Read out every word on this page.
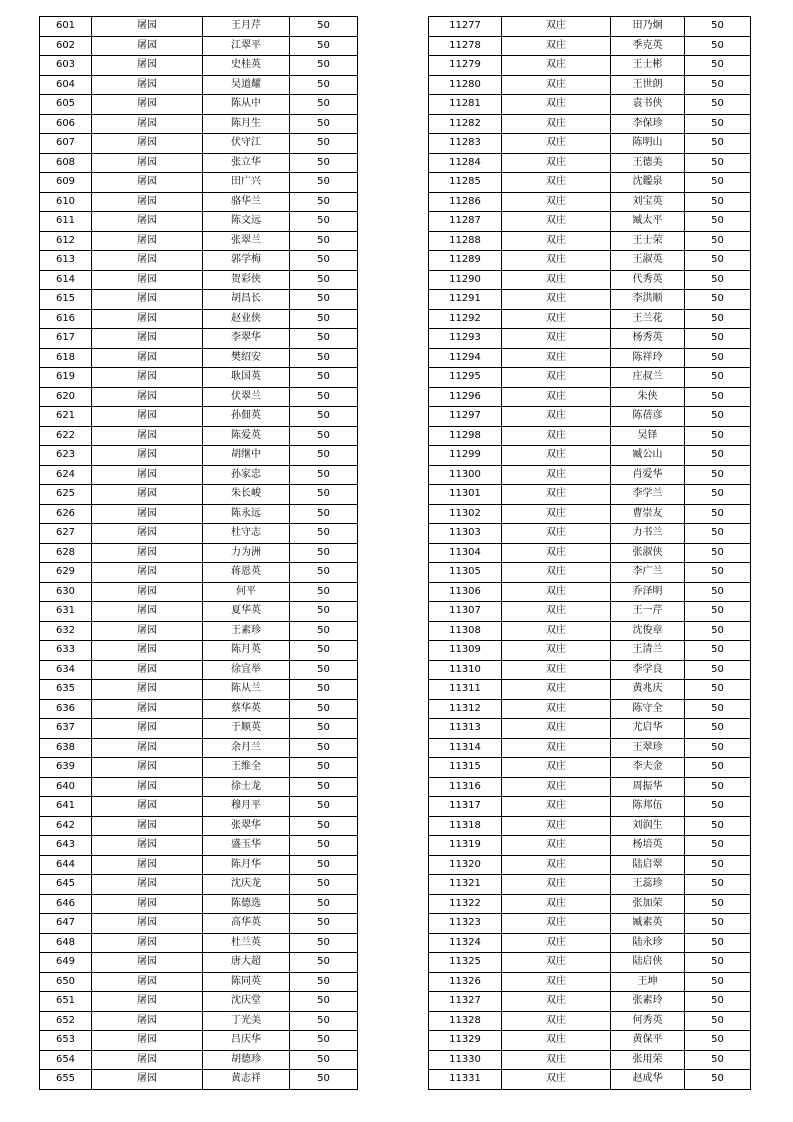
601	屠园	王月芹	50
602	屠园	江翠平	50
603	屠园	史桂英	50
604	屠园	吴道耀	50
605	屠园	陈从中	50
606	屠园	陈月生	50
607	屠园	伏守江	50
608	屠园	张立华	50
609	屠园	田广兴	50
610	屠园	骆华兰	50
611	屠园	陈文远	50
612	屠园	张翠兰	50
613	屠园	郭学梅	50
614	屠园	贺彩侠	50
615	屠园	胡昌长	50
616	屠园	赵业侠	50
617	屠园	李翠华	50
618	屠园	樊绍安	50
619	屠园	耿国英	50
620	屠园	伏翠兰	50
621	屠园	孙佃英	50
622	屠园	陈爱英	50
623	屠园	胡继中	50
624	屠园	孙家忠	50
625	屠园	朱长峻	50
626	屠园	陈永远	50
627	屠园	杜守志	50
628	屠园	力为洲	50
629	屠园	蒋恩英	50
630	屠园	何平	50
631	屠园	夏华英	50
632	屠园	王素珍	50
633	屠园	陈月英	50
634	屠园	徐宜举	50
635	屠园	陈从兰	50
636	屠园	蔡华英	50
637	屠园	于顺英	50
638	屠园	余月兰	50
639	屠园	王维全	50
640	屠园	徐士龙	50
641	屠园	穆月平	50
642	屠园	张翠华	50
643	屠园	盛玉华	50
644	屠园	陈月华	50
645	屠园	沈庆龙	50
646	屠园	陈德选	50
647	屠园	高华英	50
648	屠园	杜兰英	50
649	屠园	唐大超	50
650	屠园	陈同英	50
651	屠园	沈庆堂	50
652	屠园	丁光美	50
653	屠园	吕庆华	50
654	屠园	胡德珍	50
655	屠园	黄志祥	50
11277	双庄	田乃炯	50
11278	双庄	季克英	50
11279	双庄	王士彬	50
11280	双庄	王世朗	50
11281	双庄	袁书侠	50
11282	双庄	李保珍	50
11283	双庄	陈明山	50
11284	双庄	王德美	50
11285	双庄	沈鑑泉	50
11286	双庄	刘宝英	50
11287	双庄	臧太平	50
11288	双庄	王士荣	50
11289	双庄	王淑英	50
11290	双庄	代秀英	50
11291	双庄	李洪顺	50
11292	双庄	王兰花	50
11293	双庄	杨秀英	50
11294	双庄	陈祥玲	50
11295	双庄	庄叔兰	50
11296	双庄	朱侠	50
11297	双庄	陈蓓彦	50
11298	双庄	吴铎	50
11299	双庄	臧公山	50
11300	双庄	肖爱华	50
11301	双庄	李学兰	50
11302	双庄	曹崇友	50
11303	双庄	力书兰	50
11304	双庄	张淑侠	50
11305	双庄	李广兰	50
11306	双庄	乔泽明	50
11307	双庄	王一芹	50
11308	双庄	沈俊章	50
11309	双庄	王清兰	50
11310	双庄	李学良	50
11311	双庄	黄兆庆	50
11312	双庄	陈守全	50
11313	双庄	尤启华	50
11314	双庄	王翠珍	50
11315	双庄	李夫金	50
11316	双庄	周振华	50
11317	双庄	陈邦伍	50
11318	双庄	刘润生	50
11319	双庄	杨培英	50
11320	双庄	陆启翠	50
11321	双庄	王蕊珍	50
11322	双庄	张加荣	50
11323	双庄	臧素英	50
11324	双庄	陆永珍	50
11325	双庄	陆启侠	50
11326	双庄	王坤	50
11327	双庄	张素玲	50
11328	双庄	何秀英	50
11329	双庄	黄保平	50
11330	双庄	张用荣	50
11331	双庄	赵成华	50
